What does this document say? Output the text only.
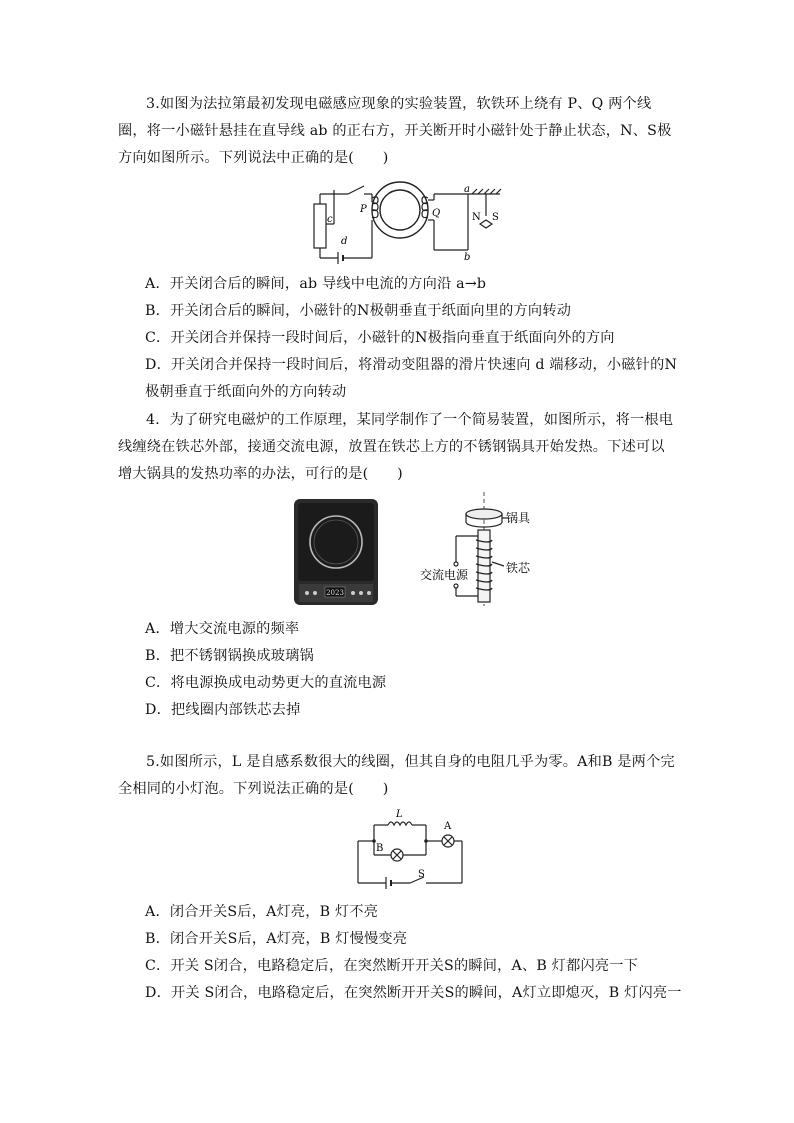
3.如图为法拉第最初发现电磁感应现象的实验装置，软铁环上绕有 P、Q 两个线圈，将一小磁针悬挂在直导线 ab 的正右方，开关断开时小磁针处于静止状态，N、S极方向如图所示。下列说法中正确的是(　　)

a
b
P	Q
c
d
N S

A．开关闭合后的瞬间，ab 导线中电流的方向沿 a→b

B．开关闭合后的瞬间，小磁针的N极朝垂直于纸面向里的方向转动

C．开关闭合并保持一段时间后，小磁针的N极指向垂直于纸面向外的方向

D．开关闭合并保持一段时间后，将滑动变阻器的滑片快速向 d 端移动，小磁针的N极朝垂直于纸面向外的方向转动

4．为了研究电磁炉的工作原理，某同学制作了一个简易装置，如图所示，将一根电线缠绕在铁芯外部，接通交流电源，放置在铁芯上方的不锈钢锅具开始发热。下述可以增大锅具的发热功率的办法，可行的是(　　)

2023
锅具
铁芯
交流电源

A．增大交流电源的频率

B．把不锈钢锅换成玻璃锅

C．将电源换成电动势更大的直流电源

D．把线圈内部铁芯去掉

5.如图所示，L 是自感系数很大的线圈，但其自身的电阻几乎为零。A和B 是两个完全相同的小灯泡。下列说法正确的是(　　)

L
A
B
S

A．闭合开关S后，A灯亮，B 灯不亮

B．闭合开关S后，A灯亮，B 灯慢慢变亮

C．开关 S闭合，电路稳定后，在突然断开开关S的瞬间，A、B 灯都闪亮一下

D．开关 S闭合，电路稳定后，在突然断开开关S的瞬间，A灯立即熄灭，B 灯闪亮一
